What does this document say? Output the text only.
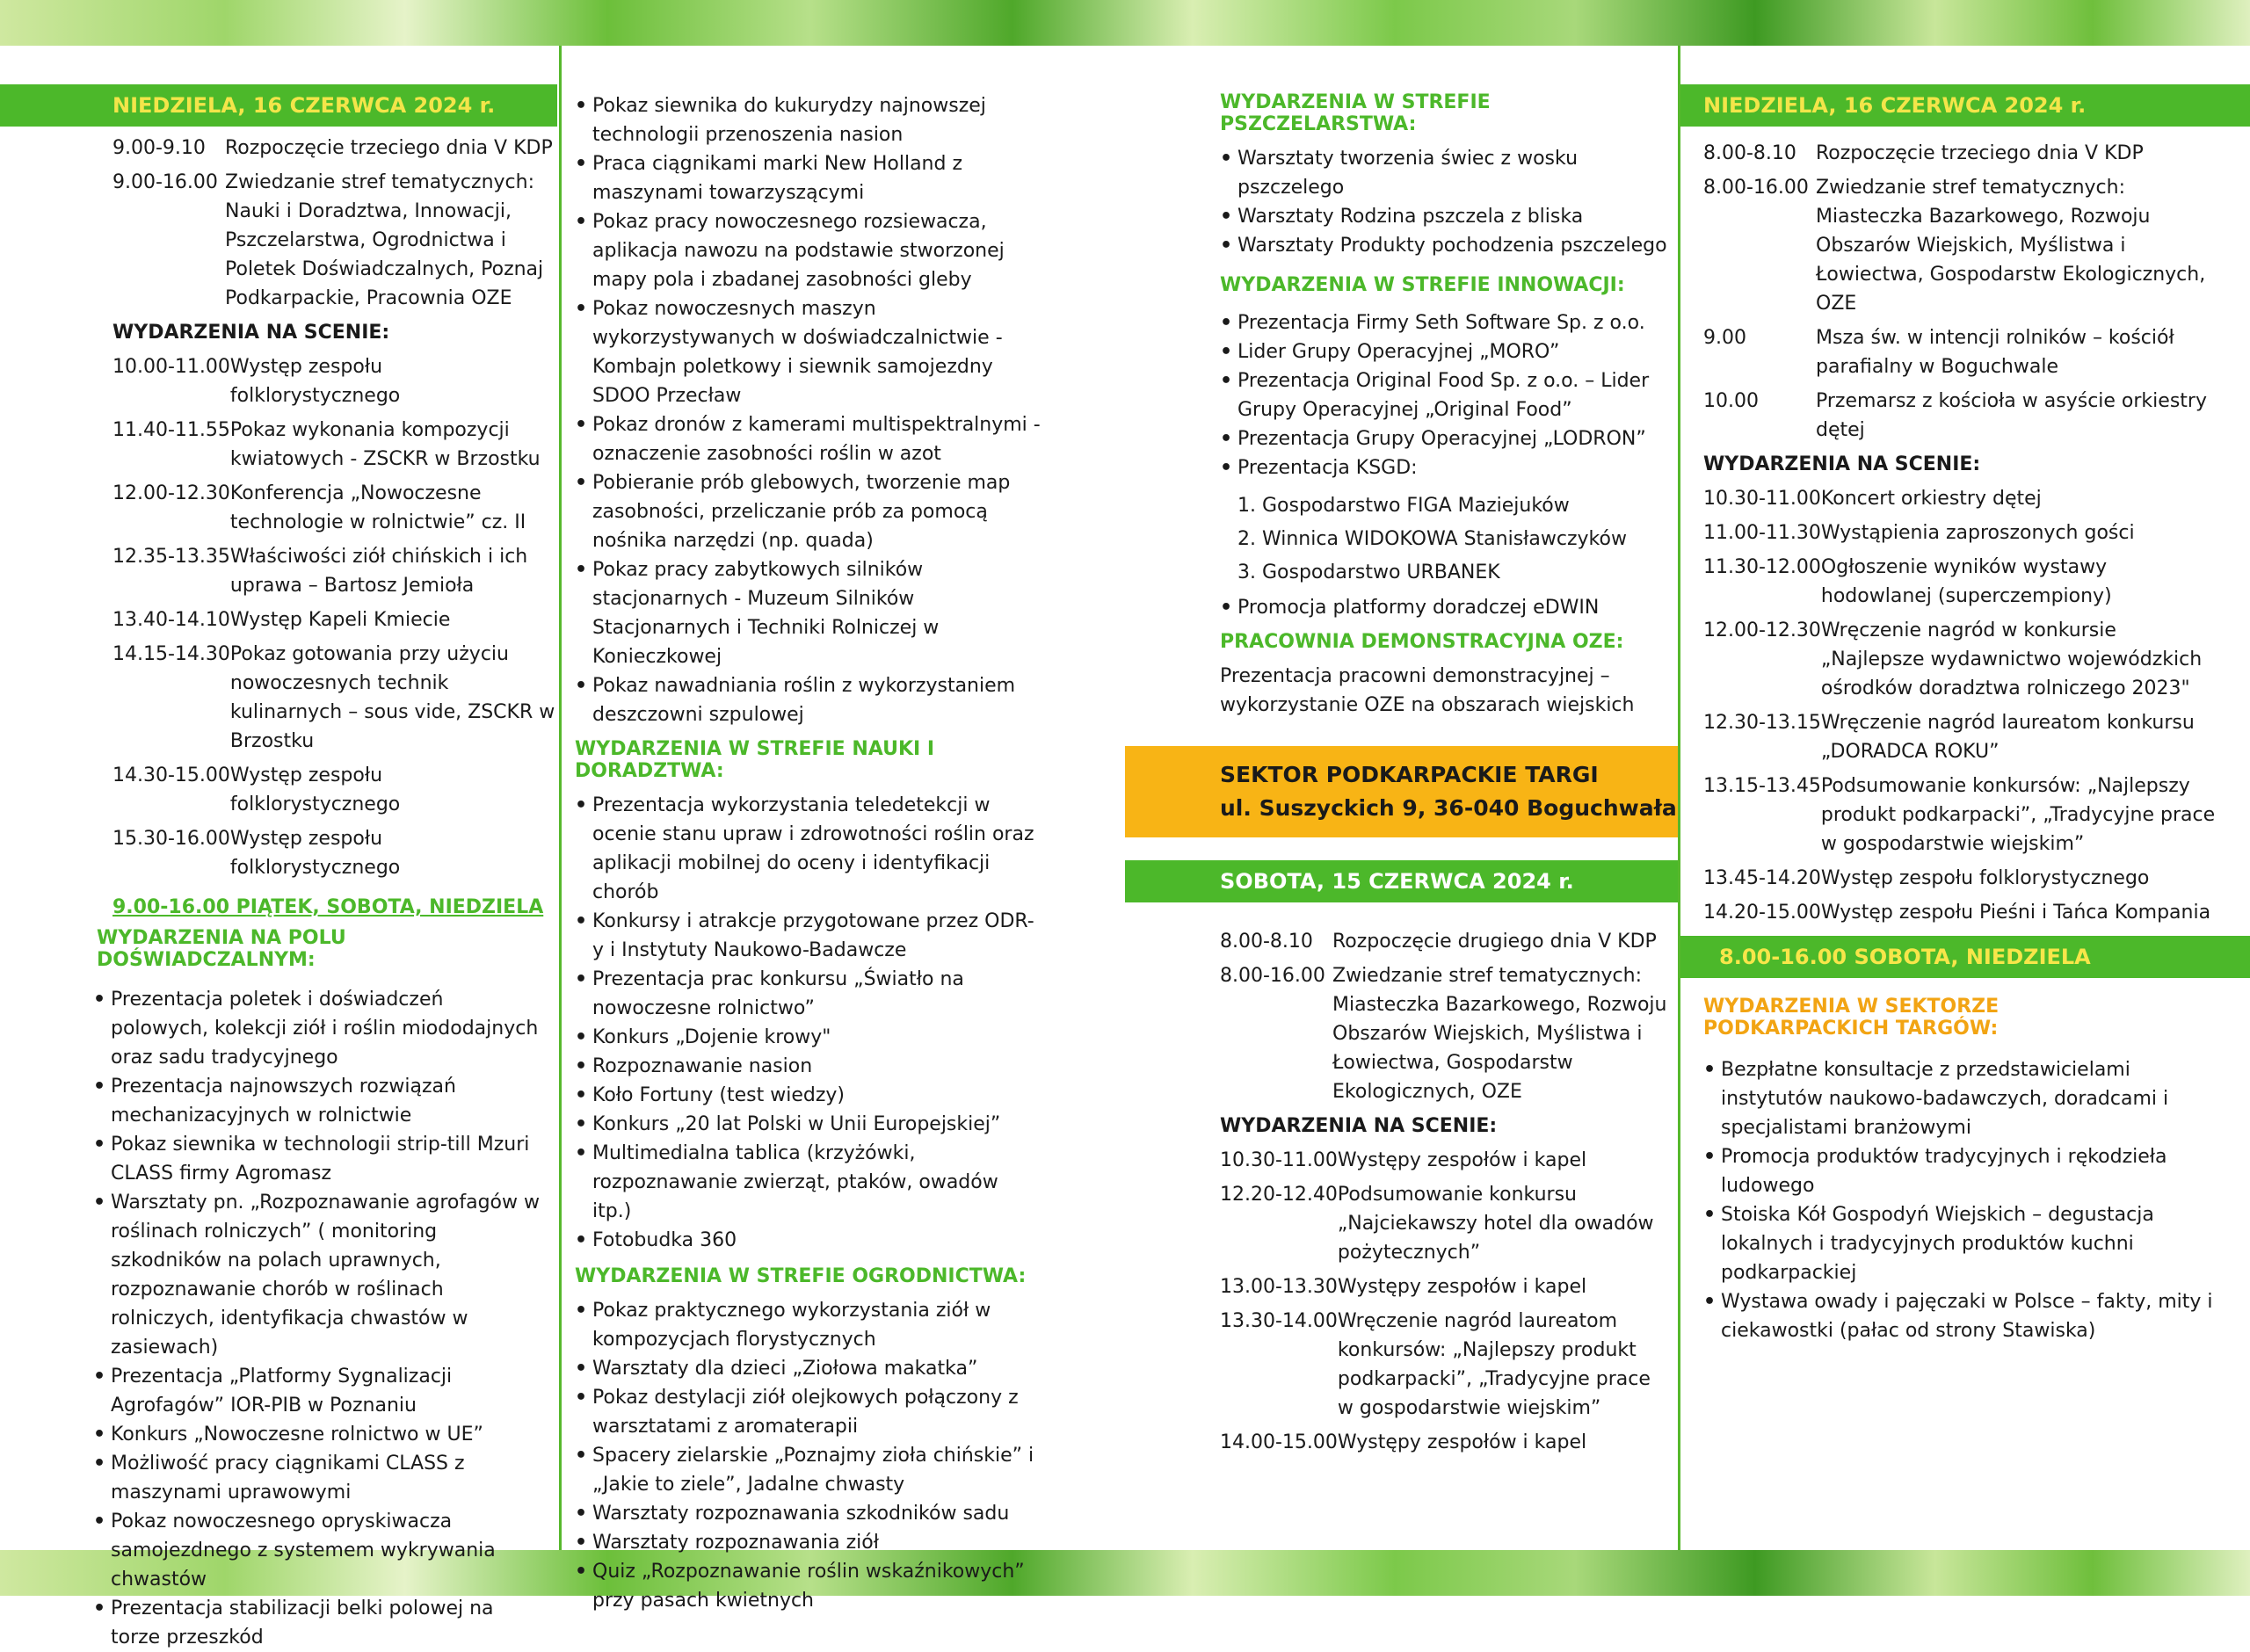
NIEDZIELA, 16 CZERWCA 2024 r.
9.00-9.10	Rozpoczęcie trzeciego dnia V KDP
9.00-16.00 Zwiedzanie stref tematycznych: Nauki i Doradztwa, Innowacji, Pszczelarstwa, Ogrodnictwa i Poletek Doświadczalnych, Poznaj Podkarpackie, Pracownia OZE
WYDARZENIA NA SCENIE:
10.00-11.00 Występ zespołu folklorystycznego
11.40-11.55 Pokaz wykonania kompozycji kwiatowych - ZSCKR w Brzostku
12.00-12.30 Konferencja „Nowoczesne technologie w rolnictwie” cz. II
12.35-13.35 Właściwości ziół chińskich i ich uprawa – Bartosz Jemioła
13.40-14.10 Występ Kapeli Kmiecie
14.15-14.30 Pokaz gotowania przy użyciu nowoczesnych technik kulinarnych – sous vide, ZSCKR w Brzostku
14.30-15.00 Występ zespołu folklorystycznego
15.30-16.00 Występ zespołu folklorystycznego
9.00-16.00 PIĄTEK, SOBOTA, NIEDZIELA
WYDARZENIA NA POLU DOŚWIADCZALNYM:
• Prezentacja poletek i doświadczeń polowych, kolekcji ziół i roślin miododajnych oraz sadu tradycyjnego
• Prezentacja najnowszych rozwiązań mechanizacyjnych w rolnictwie
• Pokaz siewnika w technologii strip-till Mzuri CLASS firmy Agromasz
• Warsztaty pn. „Rozpoznawanie agrofagów w roślinach rolniczych” ( monitoring szkodników na polach uprawnych, rozpoznawanie chorób w roślinach rolniczych, identyfikacja chwastów w zasiewach)
• Prezentacja „Platformy Sygnalizacji Agrofagów” IOR-PIB w Poznaniu
• Konkurs „Nowoczesne rolnictwo w UE”
• Możliwość pracy ciągnikami CLASS z maszynami uprawowymi
• Pokaz nowoczesnego opryskiwacza samojezdnego z systemem wykrywania chwastów
• Prezentacja stabilizacji belki polowej na torze przeszkód
• Pokaz siewnika do kukurydzy najnowszej technologii przenoszenia nasion
• Praca ciągnikami marki New Holland z maszynami towarzyszącymi
• Pokaz pracy nowoczesnego rozsiewacza, aplikacja nawozu na podstawie stworzonej mapy pola i zbadanej zasobności gleby
• Pokaz nowoczesnych maszyn wykorzystywanych w doświadczalnictwie - Kombajn poletkowy i siewnik samojezdny SDOO Przecław
• Pokaz dronów z kamerami multispektralnymi - oznaczenie zasobności roślin w azot
• Pobieranie prób glebowych, tworzenie map zasobności, przeliczanie prób za pomocą nośnika narzędzi (np. quada)
• Pokaz pracy zabytkowych silników stacjonarnych - Muzeum Silników Stacjonarnych i Techniki Rolniczej w Konieczkowej
• Pokaz nawadniania roślin z wykorzystaniem deszczowni szpulowej
WYDARZENIA W STREFIE NAUKI I DORADZTWA:
• Prezentacja wykorzystania teledetekcji w ocenie stanu upraw i zdrowotności roślin oraz aplikacji mobilnej do oceny i identyfikacji chorób
• Konkursy i atrakcje przygotowane przez ODR-y i Instytuty Naukowo-Badawcze
• Prezentacja prac konkursu „Światło na nowoczesne rolnictwo”
• Konkurs „Dojenie krowy"
• Rozpoznawanie nasion
• Koło Fortuny (test wiedzy)
• Konkurs „20 lat Polski w Unii Europejskiej”
• Multimedialna tablica (krzyżówki, rozpoznawanie zwierząt, ptaków, owadów itp.)
• Fotobudka 360
WYDARZENIA W STREFIE OGRODNICTWA:
• Pokaz praktycznego wykorzystania ziół w kompozycjach florystycznych
• Warsztaty dla dzieci „Ziołowa makatka”
• Pokaz destylacji ziół olejkowych połączony z warsztatami z aromaterapii
• Spacery zielarskie „Poznajmy zioła chińskie” i „Jakie to ziele”, Jadalne chwasty
• Warsztaty rozpoznawania szkodników sadu
• Warsztaty rozpoznawania ziół
• Quiz „Rozpoznawanie roślin wskaźnikowych” przy pasach kwietnych
WYDARZENIA W STREFIE PSZCZELARSTWA:
• Warsztaty tworzenia świec z wosku pszczelego
• Warsztaty Rodzina pszczela z bliska
• Warsztaty Produkty pochodzenia pszczelego
WYDARZENIA W STREFIE INNOWACJI:
• Prezentacja Firmy Seth Software Sp. z o.o.
• Lider Grupy Operacyjnej „MORO”
• Prezentacja Original Food Sp. z o.o. – Lider Grupy Operacyjnej „Original Food”
• Prezentacja Grupy Operacyjnej „LODRON”
• Prezentacja KSGD:
1. Gospodarstwo FIGA Maziejuków
2. Winnica WIDOKOWA Stanisławczyków
3. Gospodarstwo URBANEK
• Promocja platformy doradczej eDWIN
PRACOWNIA DEMONSTRACYJNA OZE:
Prezentacja pracowni demonstracyjnej – wykorzystanie OZE na obszarach wiejskich
SEKTOR PODKARPACKIE TARGI
ul. Suszyckich 9, 36-040 Boguchwała
SOBOTA, 15 CZERWCA 2024 r.
8.00-8.10	Rozpoczęcie drugiego dnia V KDP
8.00-16.00 Zwiedzanie stref tematycznych: Miasteczka Bazarkowego, Rozwoju Obszarów Wiejskich, Myślistwa i Łowiectwa, Gospodarstw Ekologicznych, OZE
WYDARZENIA NA SCENIE:
10.30-11.00 Występy zespołów i kapel
12.20-12.40 Podsumowanie konkursu „Najciekawszy hotel dla owadów pożytecznych”
13.00-13.30 Występy zespołów i kapel
13.30-14.00 Wręczenie nagród laureatom konkursów: „Najlepszy produkt podkarpacki”, „Tradycyjne prace w gospodarstwie wiejskim”
14.00-15.00 Występy zespołów i kapel
NIEDZIELA, 16 CZERWCA 2024 r.
8.00-8.10	Rozpoczęcie trzeciego dnia V KDP
8.00-16.00 Zwiedzanie stref tematycznych: Miasteczka Bazarkowego, Rozwoju Obszarów Wiejskich, Myślistwa i Łowiectwa, Gospodarstw Ekologicznych, OZE
9.00	Msza św. w intencji rolników – kościół parafialny w Boguchwale
10.00	Przemarsz z kościoła w asyście orkiestry dętej
WYDARZENIA NA SCENIE:
10.30-11.00 Koncert orkiestry dętej
11.00-11.30 Wystąpienia zaproszonych gości
11.30-12.00 Ogłoszenie wyników wystawy hodowlanej (superczempiony)
12.00-12.30 Wręczenie nagród w konkursie „Najlepsze wydawnictwo wojewódzkich ośrodków doradztwa rolniczego 2023"
12.30-13.15 Wręczenie nagród laureatom konkursu „DORADCA ROKU”
13.15-13.45 Podsumowanie konkursów: „Najlepszy produkt podkarpacki”, „Tradycyjne prace w gospodarstwie wiejskim”
13.45-14.20 Występ zespołu folklorystycznego
14.20-15.00 Występ zespołu Pieśni i Tańca Kompania
8.00-16.00 SOBOTA, NIEDZIELA
WYDARZENIA W SEKTORZE
PODKARPACKICH TARGÓW:
• Bezpłatne konsultacje z przedstawicielami instytutów naukowo-badawczych, doradcami i specjalistami branżowymi
• Promocja produktów tradycyjnych i rękodzieła ludowego
• Stoiska Kół Gospodyń Wiejskich – degustacja lokalnych i tradycyjnych produktów kuchni podkarpackiej
• Wystawa owady i pajęczaki w Polsce – fakty, mity i ciekawostki (pałac od strony Stawiska)
